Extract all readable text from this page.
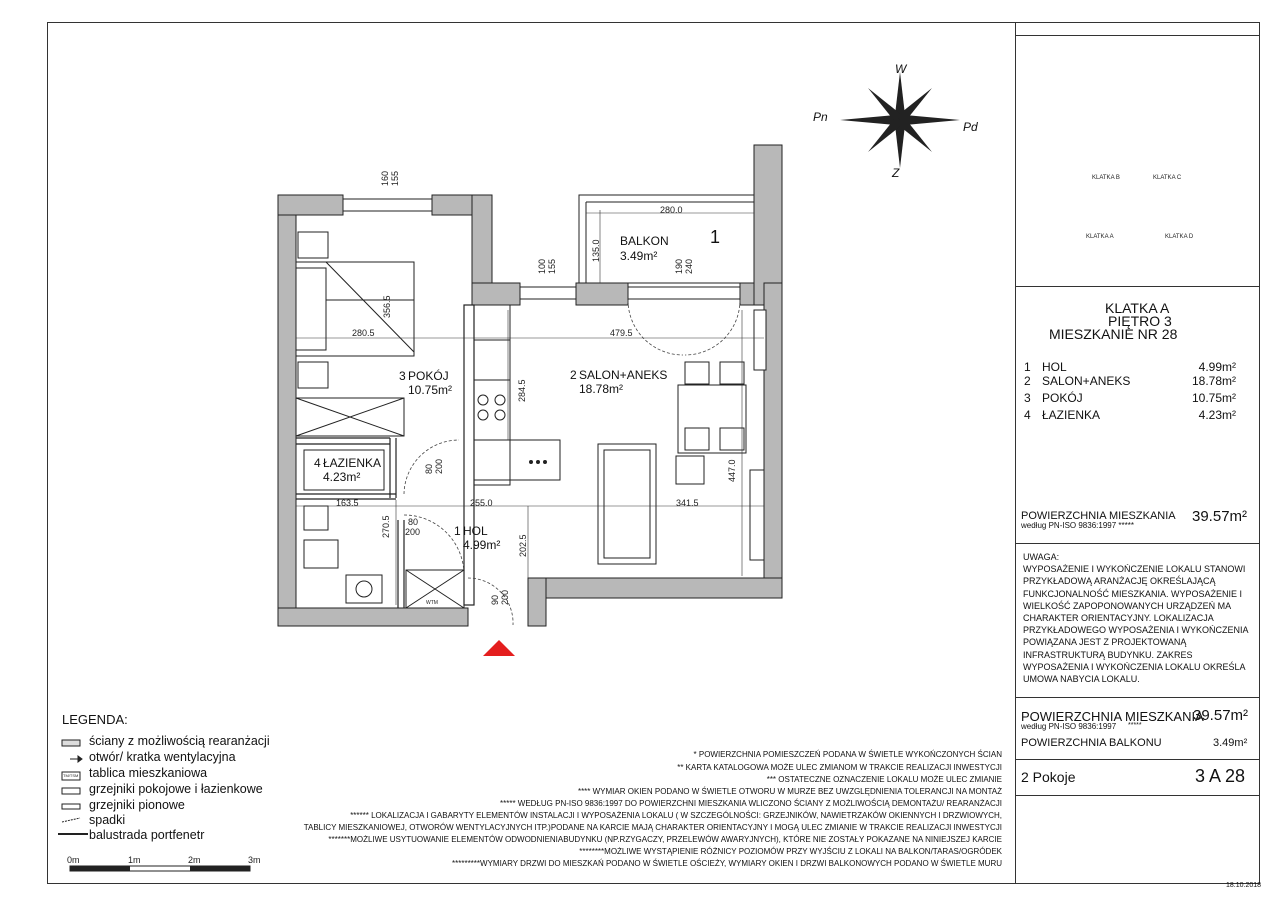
W
Z
Pn
Pd
KLATKA B	KLATKA C
KLATKA A	KLATKA D
BALKON
3.49m²
1
2 SALON+ANEKS
18.78m²
3 POKÓJ
10.75m²
4 ŁAZIENKA
4.23m²
1 HOL
4.99m²
280.0
135.0
100 155	190 240
160 155
356.5
280.5	479.5
284.5
447.0
80 200
163.5	255.0	341.5
270.5 80
200
202.5
90 200
KLATKA A
PIĘTRO 3
MIESZKANIE NR 28
1 HOL	4.99m²
2 SALON+ANEKS	18.78m²
3 POKÓJ	10.75m²
4 ŁAZIENKA	4.23m²
POWIERZCHNIA MIESZKANIA
według PN-ISO 9836:1997 *****
39.57m²
UWAGA:
WYPOSAŻENIE I WYKOŃCZENIE LOKALU STANOWI PRZYKŁADOWĄ ARANŻACJĘ OKREŚLAJĄCĄ FUNKCJONALNOŚĆ MIESZKANIA. WYPOSAŻENIE I WIELKOŚĆ ZAPOPONOWANYCH URZĄDZEŃ MA CHARAKTER ORIENTACYJNY. LOKALIZACJA PRZYKŁADOWEGO WYPOSAŻENIA I WYKOŃCZENIA POWIĄZANA JEST Z PROJEKTOWANĄ INFRASTRUKTURĄ BUDYNKU. ZAKRES WYPOSAŻENIA I WYKOŃCZENIA LOKALU OKREŚLA UMOWA NABYCIA LOKALU.
POWIERZCHNIA MIESZKANIA
według PN-ISO 9836:1997 *****
39.57m²
POWIERZCHNIA BALKONU	3.49m²
2 Pokoje	3 A 28
18.10.2018
LEGENDA:
ściany z możliwością rearanżacji
otwór/ kratka wentylacyjna
tablica mieszkaniowa
grzejniki pokojowe i łazienkowe
grzejniki pionowe
spadki
balustrada portfenetr
TM/TSM
WTM
0m	1m	2m	3m
* POWIERZCHNIA POMIESZCZEŃ PODANA W ŚWIETLE WYKOŃCZONYCH ŚCIAN
** KARTA KATALOGOWA MOŻE ULEC ZMIANOM W TRAKCIE REALIZACJI INWESTYCJI
*** OSTATECZNE OZNACZENIE LOKALU MOŻE ULEC ZMIANIE
**** WYMIAR OKIEN PODANO W ŚWIETLE OTWORU W MURZE BEZ UWZGLĘDNIENIA TOLERANCJI NA MONTAŻ
***** WEDŁUG PN-ISO 9836:1997 DO POWIERZCHNI MIESZKANIA WLICZONO ŚCIANY Z MOŻLIWOŚCIĄ DEMONTAŻU/ REARANŻACJI
****** LOKALIZACJA I GABARYTY ELEMENTÓW INSTALACJI I WYPOSAŻENIA LOKALU ( W SZCZEGÓLNOŚCI: GRZEJNIKÓW, NAWIETRZAKÓW OKIENNYCH I DRZWIOWYCH,
TABLICY MIESZKANIOWEJ, OTWORÓW WENTYLACYJNYCH ITP.)PODANE NA KARCIE MAJĄ CHARAKTER ORIENTACYJNY I MOGĄ ULEC ZMIANIE W TRAKCIE REALIZACJI INWESTYCJI
*******MOŻLIWE USYTUOWANIE ELEMENTÓW ODWODNIENIABUDYNKU (NP.RZYGACZY, PRZELEWÓW AWARYJNYCH), KTÓRE NIE ZOSTAŁY POKAZANE NA NINIEJSZEJ KARCIE
********MOŻLIWE WYSTĄPIENIE RÓŻNICY POZIOMÓW PRZY WYJŚCIU Z LOKALI NA BALKON/TARAS/OGRÓDEK
*********WYMIARY DRZWI DO MIESZKAŃ PODANO W ŚWIETLE OŚCIEŻY, WYMIARY OKIEN I DRZWI BALKONOWYCH PODANO W ŚWIETLE MURU
